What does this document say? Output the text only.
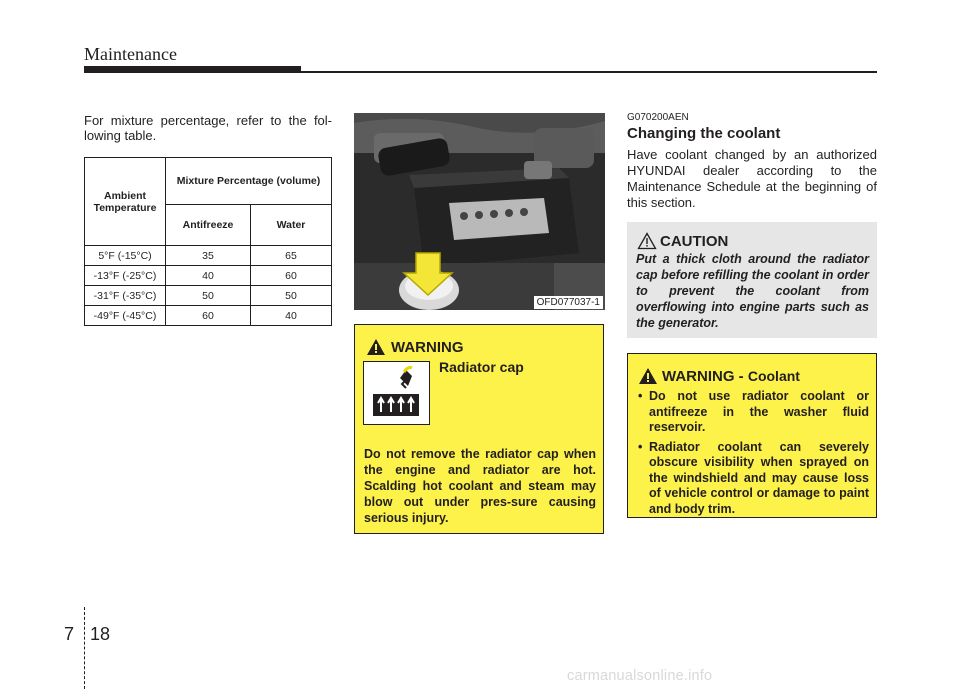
Maintenance
For mixture percentage, refer to the fol-lowing table.
Ambient Temperature	Mixture Percentage (volume)	
	Antifreeze	Water
5°F (-15°C)	35	65
-13°F (-25°C)	40	60
-31°F (-35°C)	50	50
-49°F (-45°C)	60	40
OFD077037-1
WARNING
Radiator cap
Do not remove the radiator cap when the engine and radiator are hot. Scalding hot coolant and steam may blow out under pres-sure causing serious injury.
G070200AEN
Changing the coolant
Have coolant changed by an authorized HYUNDAI dealer according to the Maintenance Schedule at the beginning of this section.
CAUTION
Put a thick cloth around the radiator cap before refilling the coolant in order to prevent the coolant from overflowing into engine parts such as the generator.
WARNING - Coolant
• Do not use radiator coolant or antifreeze in the washer fluid reservoir.
• Radiator coolant can severely obscure visibility when sprayed on the windshield and may cause loss of vehicle control or damage to paint and body trim.
7 18
carmanualsonline.info
